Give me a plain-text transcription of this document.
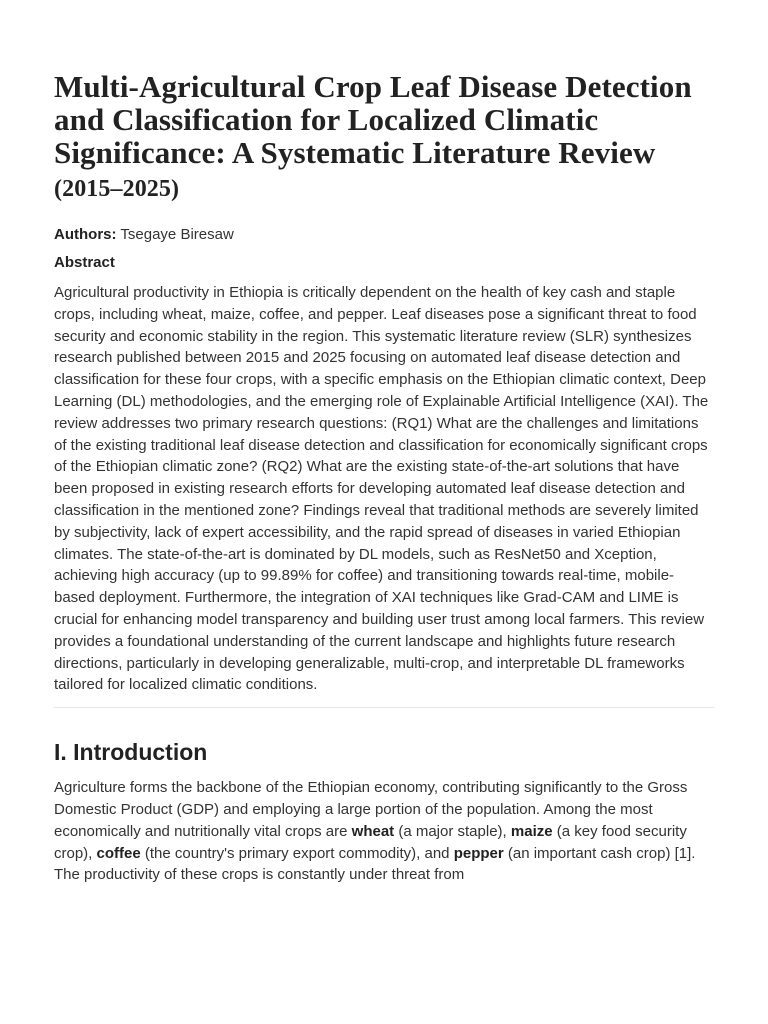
Multi-Agricultural Crop Leaf Disease Detection and Classification for Localized Climatic Significance: A Systematic Literature Review (2015–2025)
Authors: Tsegaye Biresaw
Abstract

Agricultural productivity in Ethiopia is critically dependent on the health of key cash and staple crops, including wheat, maize, coffee, and pepper. Leaf diseases pose a significant threat to food security and economic stability in the region. This systematic literature review (SLR) synthesizes research published between 2015 and 2025 focusing on automated leaf disease detection and classification for these four crops, with a specific emphasis on the Ethiopian climatic context, Deep Learning (DL) methodologies, and the emerging role of Explainable Artificial Intelligence (XAI). The review addresses two primary research questions: (RQ1) What are the challenges and limitations of the existing traditional leaf disease detection and classification for economically significant crops of the Ethiopian climatic zone? (RQ2) What are the existing state-of-the-art solutions that have been proposed in existing research efforts for developing automated leaf disease detection and classification in the mentioned zone? Findings reveal that traditional methods are severely limited by subjectivity, lack of expert accessibility, and the rapid spread of diseases in varied Ethiopian climates. The state-of-the-art is dominated by DL models, such as ResNet50 and Xception, achieving high accuracy (up to 99.89% for coffee) and transitioning towards real-time, mobile-based deployment. Furthermore, the integration of XAI techniques like Grad-CAM and LIME is crucial for enhancing model transparency and building user trust among local farmers. This review provides a foundational understanding of the current landscape and highlights future research directions, particularly in developing generalizable, multi-crop, and interpretable DL frameworks tailored for localized climatic conditions.

I. Introduction

Agriculture forms the backbone of the Ethiopian economy, contributing significantly to the Gross Domestic Product (GDP) and employing a large portion of the population. Among the most economically and nutritionally vital crops are wheat (a major staple), maize (a key food security crop), coffee (the country's primary export commodity), and pepper (an important cash crop) [1]. The productivity of these crops is constantly under threat from
